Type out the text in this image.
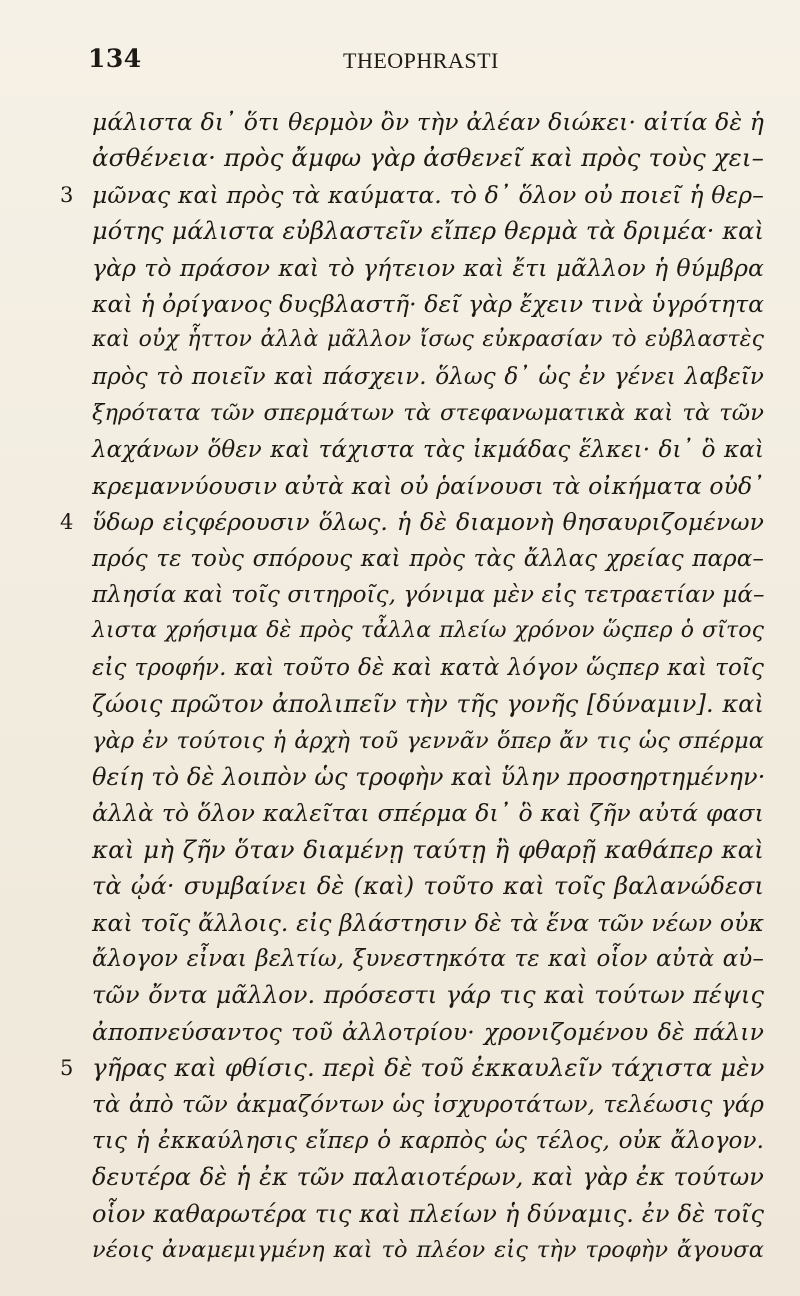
134	THEOPHRASTI
μάλιστα δι᾽ ὅτι θερμὸν ὂν τὴν ἀλέαν διώκει· αἰτία δὲ ἡ
ἀσθένεια· πρὸς ἄμφω γὰρ ἀσθενεῖ καὶ πρὸς τοὺς χει–
3 μῶνας καὶ πρὸς τὰ καύματα. τὸ δ᾽ ὅλον οὐ ποιεῖ ἡ θερ–
μότης μάλιστα εὐβλαστεῖν εἴπερ θερμὰ τὰ δριμέα· καὶ
γὰρ τὸ πράσον καὶ τὸ γήτειον καὶ ἔτι μᾶλλον ἡ θύμβρα
καὶ ἡ ὀρίγανος δυςβλαστῆ· δεῖ γὰρ ἔχειν τινὰ ὑγρότητα
καὶ οὐχ ἧττον ἀλλὰ μᾶλλον ἴσως εὐκρασίαν τὸ εὐβλαστὲς
πρὸς τὸ ποιεῖν καὶ πάσχειν. ὅλως δ᾽ ὡς ἐν γένει λαβεῖν
ξηρότατα τῶν σπερμάτων τὰ στεφανωματικὰ καὶ τὰ τῶν
λαχάνων ὅθεν καὶ τάχιστα τὰς ἰκμάδας ἕλκει· δι᾽ ὃ καὶ
κρεμαννύουσιν αὐτὰ καὶ οὐ ῥαίνουσι τὰ οἰκήματα οὐδ᾽
4 ὕδωρ εἰςφέρουσιν ὅλως. ἡ δὲ διαμονὴ θησαυριζομένων
πρός τε τοὺς σπόρους καὶ πρὸς τὰς ἄλλας χρείας παρα–
πλησία καὶ τοῖς σιτηροῖς, γόνιμα μὲν εἰς τετραετίαν μά–
λιστα χρήσιμα δὲ πρὸς τἆλλα πλείω χρόνον ὥςπερ ὁ σῖτος
εἰς τροφήν. καὶ τοῦτο δὲ καὶ κατὰ λόγον ὥςπερ καὶ τοῖς
ζώοις πρῶτον ἀπολιπεῖν τὴν τῆς γονῆς [δύναμιν]. καὶ
γὰρ ἐν τούτοις ἡ ἀρχὴ τοῦ γεννᾶν ὅπερ ἄν τις ὡς σπέρμα
θείη τὸ δὲ λοιπὸν ὡς τροφὴν καὶ ὕλην προσηρτημένην·
ἀλλὰ τὸ ὅλον καλεῖται σπέρμα δι᾽ ὃ καὶ ζῆν αὐτά φασι
καὶ μὴ ζῆν ὅταν διαμένῃ ταύτῃ ἢ φθαρῇ καθάπερ καὶ
τὰ ᾠά· συμβαίνει δὲ (καὶ) τοῦτο καὶ τοῖς βαλανώδεσι
καὶ τοῖς ἄλλοις. εἰς βλάστησιν δὲ τὰ ἕνα τῶν νέων οὐκ
ἄλογον εἶναι βελτίω, ξυνεστηκότα τε καὶ οἷον αὐτὰ αὐ–
τῶν ὄντα μᾶλλον. πρόσεστι γάρ τις καὶ τούτων πέψις
ἀποπνεύσαντος τοῦ ἀλλοτρίου· χρονιζομένου δὲ πάλιν
5 γῆρας καὶ φθίσις. περὶ δὲ τοῦ ἐκκαυλεῖν τάχιστα μὲν
τὰ ἀπὸ τῶν ἀκμαζόντων ὡς ἰσχυροτάτων, τελέωσις γάρ
τις ἡ ἐκκαύλησις εἴπερ ὁ καρπὸς ὡς τέλος, οὐκ ἄλογον.
δευτέρα δὲ ἡ ἐκ τῶν παλαιοτέρων, καὶ γὰρ ἐκ τούτων
οἷον καθαρωτέρα τις καὶ πλείων ἡ δύναμις. ἐν δὲ τοῖς
νέοις ἀναμεμιγμένη καὶ τὸ πλέον εἰς τὴν τροφὴν ἄγουσα
